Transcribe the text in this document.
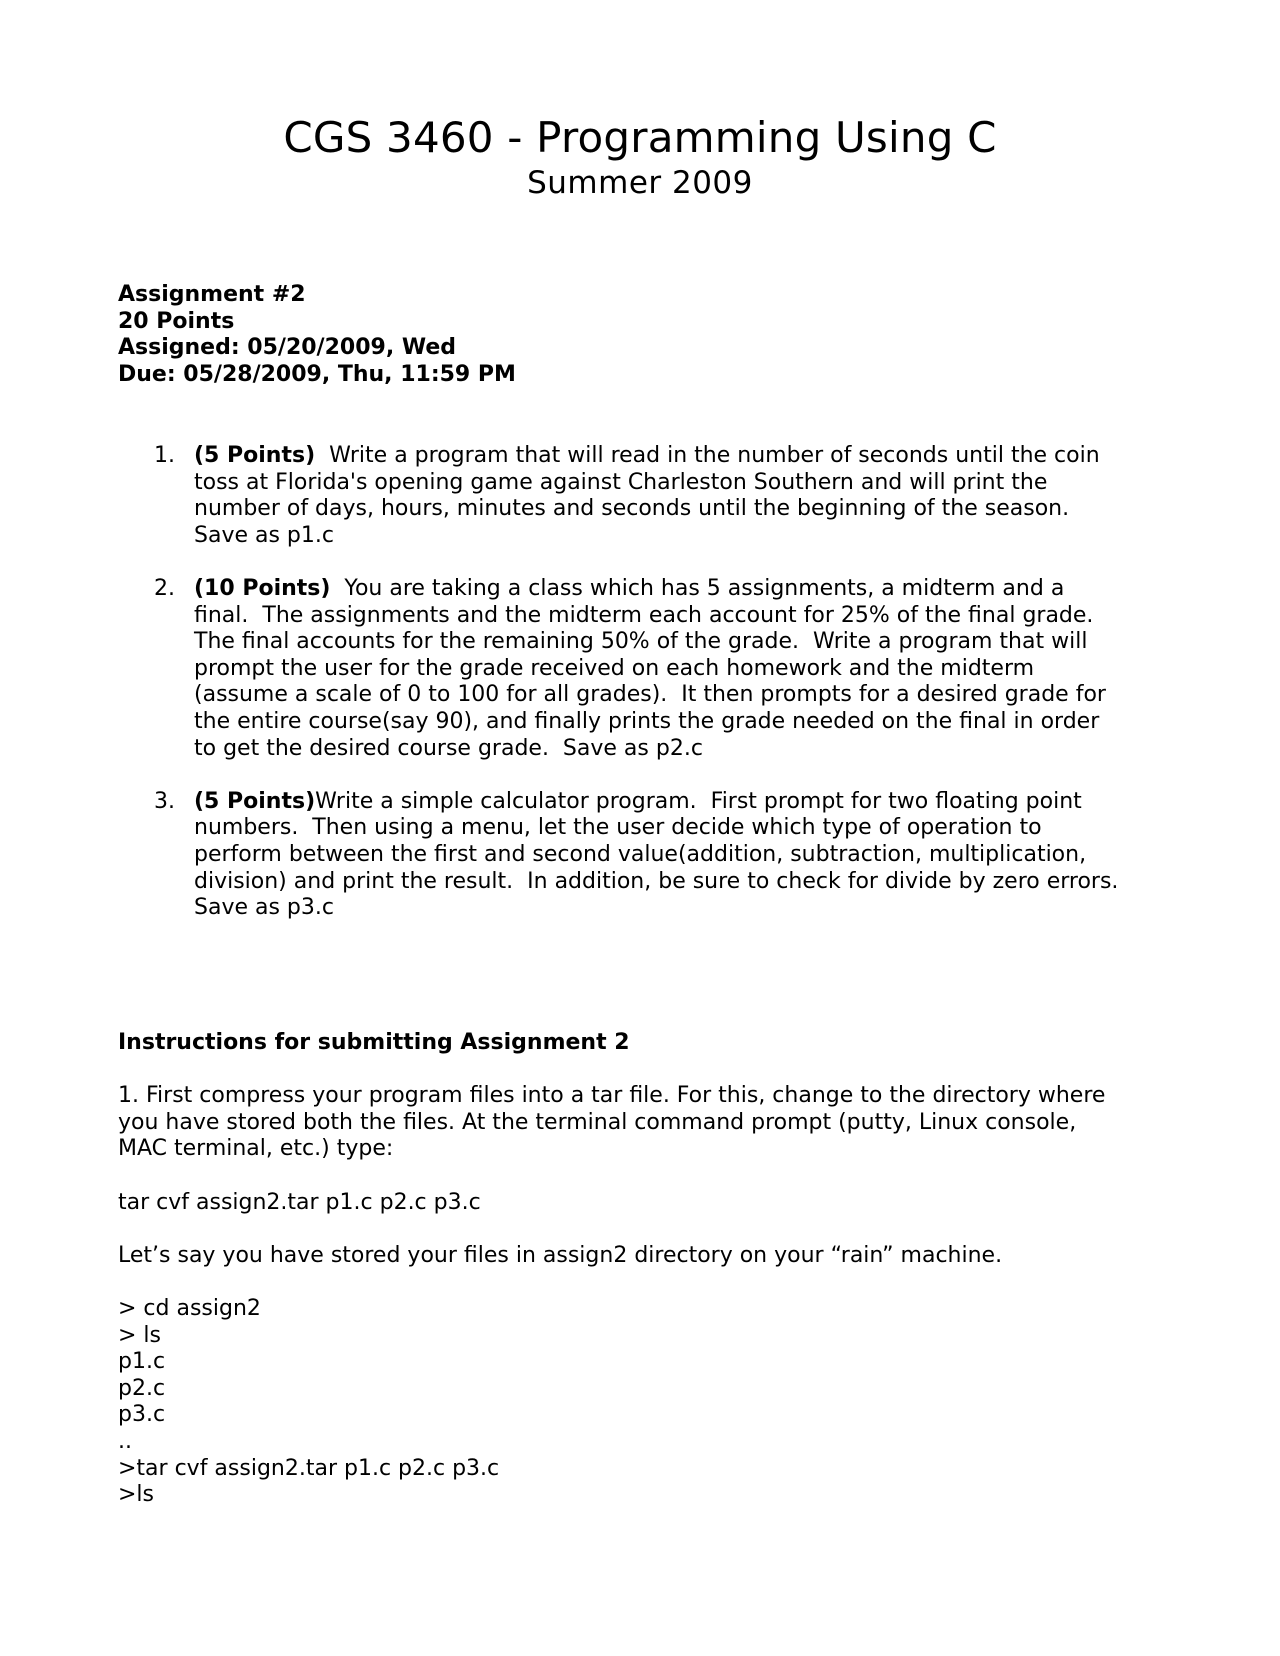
CGS 3460 - Programming Using C
Summer 2009
Assignment #2
20 Points
Assigned: 05/20/2009, Wed
Due: 05/28/2009, Thu, 11:59 PM
1. (5 Points)  Write a program that will read in the number of seconds until the coin
toss at Florida's opening game against Charleston Southern and will print the
number of days, hours, minutes and seconds until the beginning of the season.
Save as p1.c
2. (10 Points)  You are taking a class which has 5 assignments, a midterm and a
final.  The assignments and the midterm each account for 25% of the final grade.
The final accounts for the remaining 50% of the grade.  Write a program that will
prompt the user for the grade received on each homework and the midterm
(assume a scale of 0 to 100 for all grades).  It then prompts for a desired grade for
the entire course(say 90), and finally prints the grade needed on the final in order
to get the desired course grade.  Save as p2.c
3. (5 Points)Write a simple calculator program.  First prompt for two floating point
numbers.  Then using a menu, let the user decide which type of operation to
perform between the first and second value(addition, subtraction, multiplication,
division) and print the result.  In addition, be sure to check for divide by zero errors.
Save as p3.c
Instructions for submitting Assignment 2
1. First compress your program files into a tar file. For this, change to the directory where
you have stored both the files. At the terminal command prompt (putty, Linux console,
MAC terminal, etc.) type:
tar cvf assign2.tar p1.c p2.c p3.c
Let’s say you have stored your files in assign2 directory on your “rain” machine.
> cd assign2
> ls
p1.c
p2.c
p3.c
..
>tar cvf assign2.tar p1.c p2.c p3.c
>ls
